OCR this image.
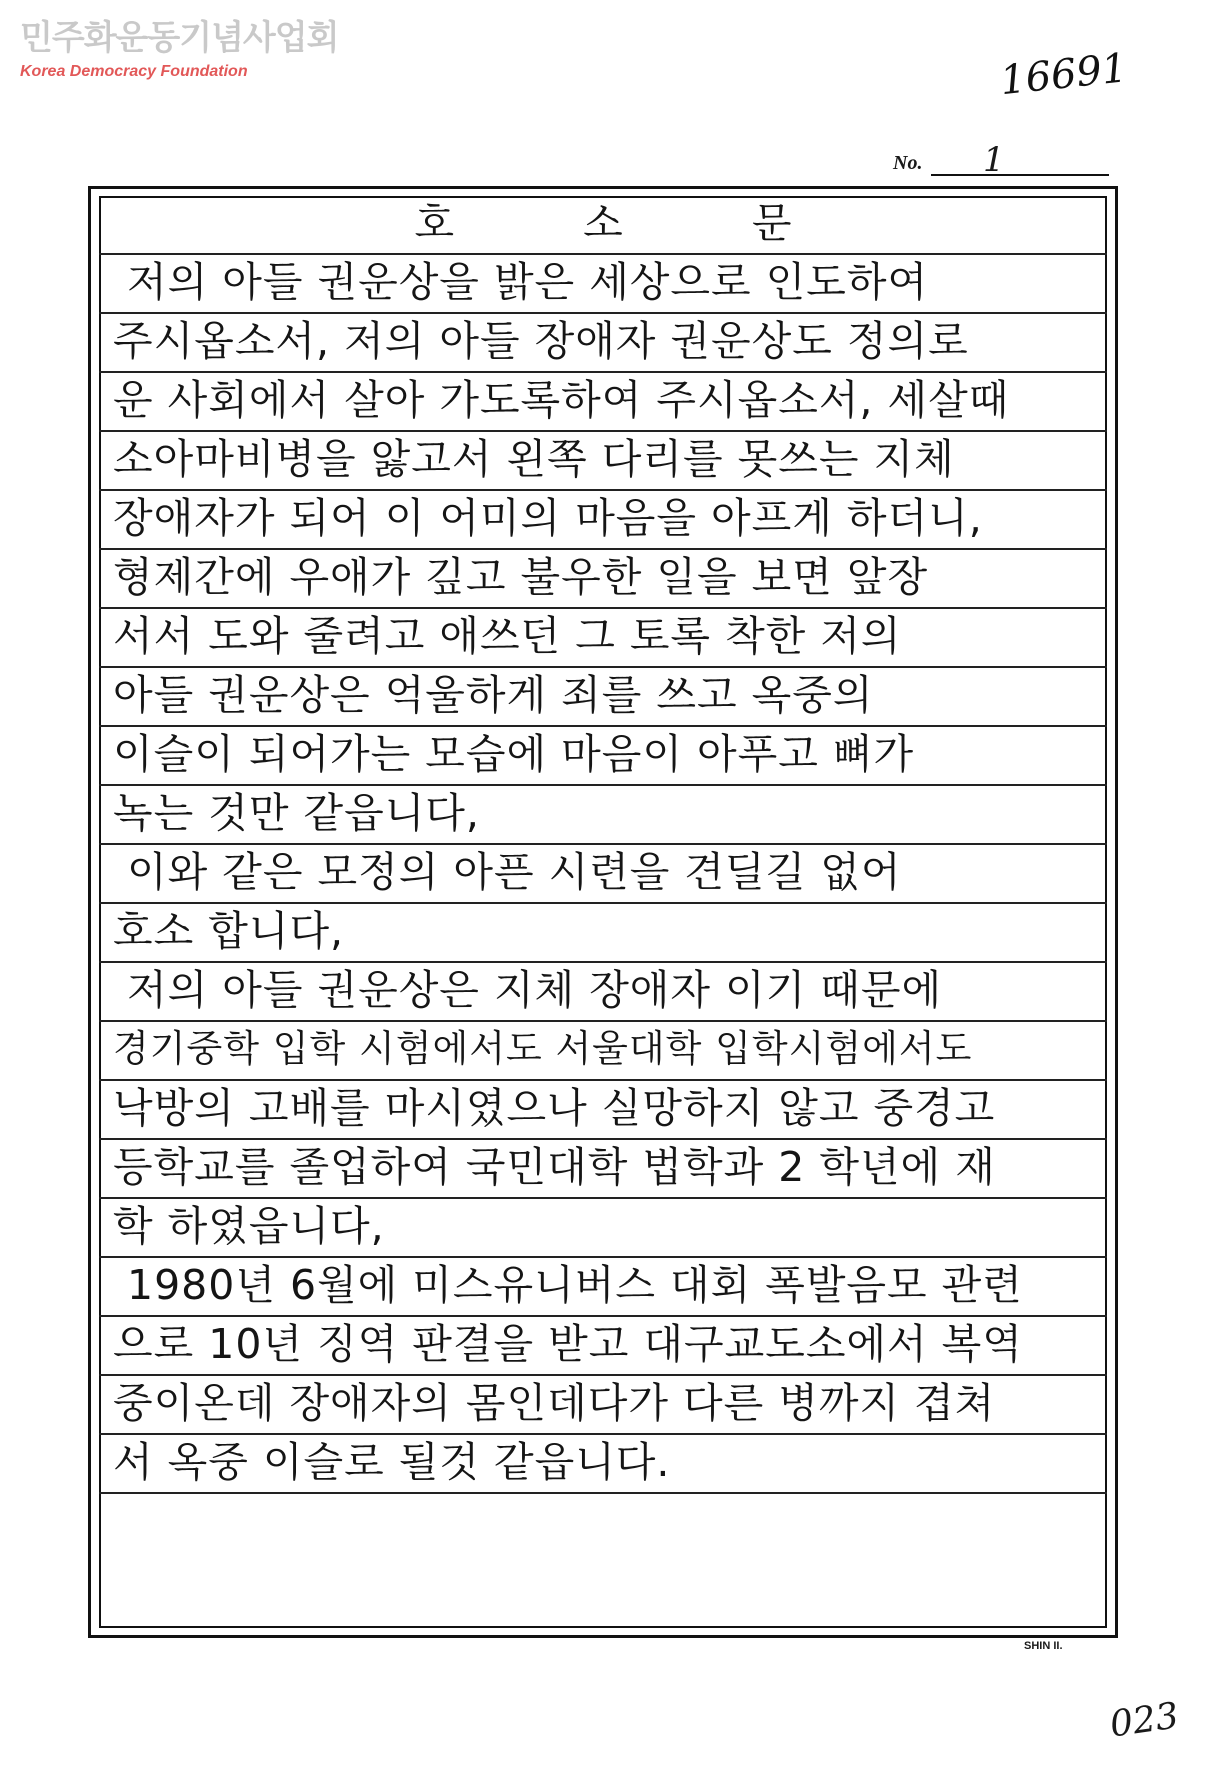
민주화운동기념사업회
Korea Democracy Foundation	16691
No. 1
호 소 문
저의 아들 권운상을 밝은 세상으로 인도하여
주시옵소서, 저의 아들 장애자 권운상도 정의로
운 사회에서 살아 가도록하여 주시옵소서, 세살때
소아마비병을 앓고서 왼쪽 다리를 못쓰는 지체
장애자가 되어 이 어미의 마음을 아프게 하더니,
형제간에 우애가 깊고 불우한 일을 보면 앞장
서서 도와 줄려고 애쓰던 그 토록 착한 저의
아들 권운상은 억울하게 죄를 쓰고 옥중의
이슬이 되어가는 모습에 마음이 아푸고 뼈가
녹는 것만 같읍니다,
이와 같은 모정의 아픈 시련을 견딜길 없어
호소 합니다,
저의 아들 권운상은 지체 장애자 이기 때문에
경기중학 입학 시험에서도 서울대학 입학시험에서도
낙방의 고배를 마시였으나 실망하지 않고 중경고
등학교를 졸업하여 국민대학 법학과 2 학년에 재
학 하였읍니다,
1980년 6월에 미스유니버스 대회 폭발음모 관련
으로 10년 징역 판결을 받고 대구교도소에서 복역
중이온데 장애자의 몸인데다가 다른 병까지 겹쳐
서 옥중 이슬로 될것 같읍니다.
SHIN II.
023
